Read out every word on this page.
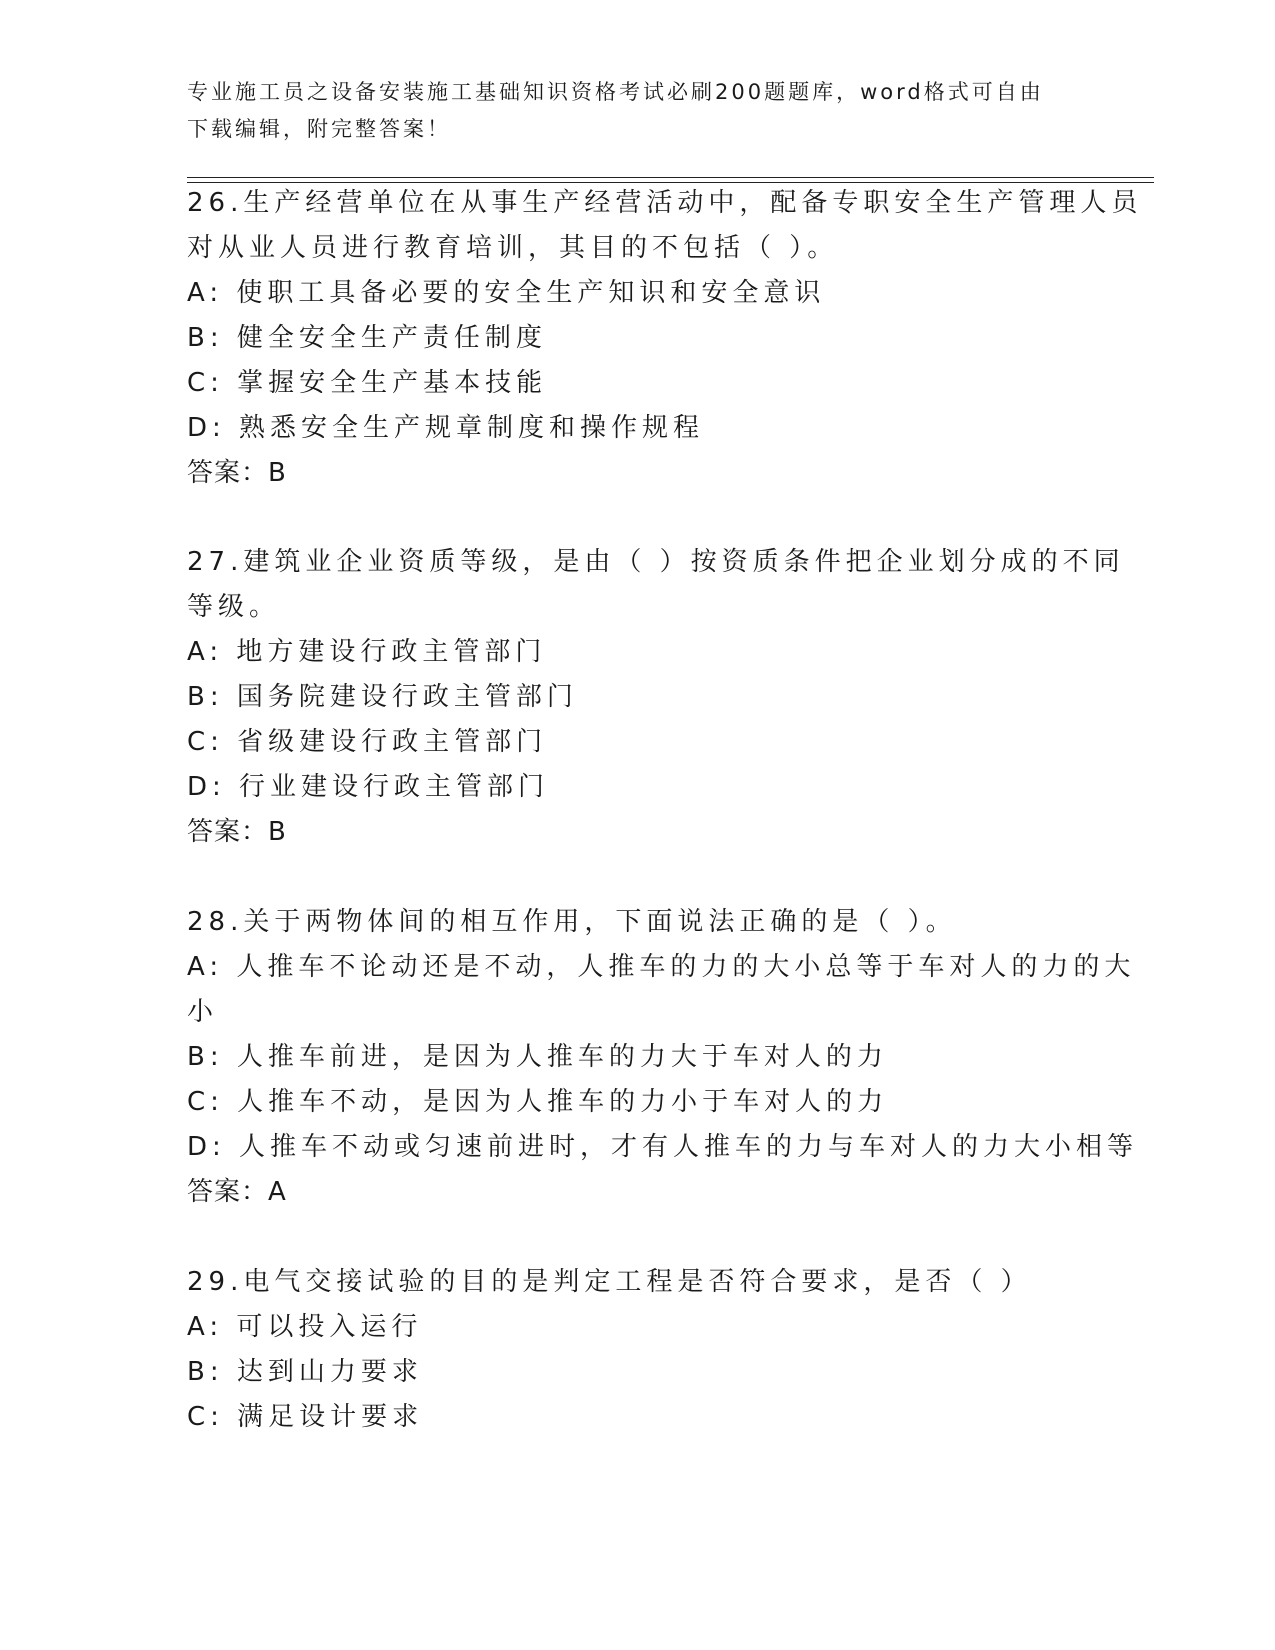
专业施工员之设备安装施工基础知识资格考试必刷200题题库，word格式可自由
下载编辑，附完整答案！
26.生产经营单位在从事生产经营活动中，配备专职安全生产管理人员
对从业人员进行教育培训，其目的不包括（ ）。
A: 使职工具备必要的安全生产知识和安全意识
B: 健全安全生产责任制度
C: 掌握安全生产基本技能
D: 熟悉安全生产规章制度和操作规程
答案：B
27.建筑业企业资质等级，是由（ ）按资质条件把企业划分成的不同
等级。
A: 地方建设行政主管部门
B: 国务院建设行政主管部门
C: 省级建设行政主管部门
D: 行业建设行政主管部门
答案：B
28.关于两物体间的相互作用，下面说法正确的是（ ）。
A: 人推车不论动还是不动，人推车的力的大小总等于车对人的力的大
小
B: 人推车前进，是因为人推车的力大于车对人的力
C: 人推车不动，是因为人推车的力小于车对人的力
D: 人推车不动或匀速前进时，才有人推车的力与车对人的力大小相等
答案：A
29.电气交接试验的目的是判定工程是否符合要求，是否（ ）
A: 可以投入运行
B: 达到山力要求
C: 满足设计要求
